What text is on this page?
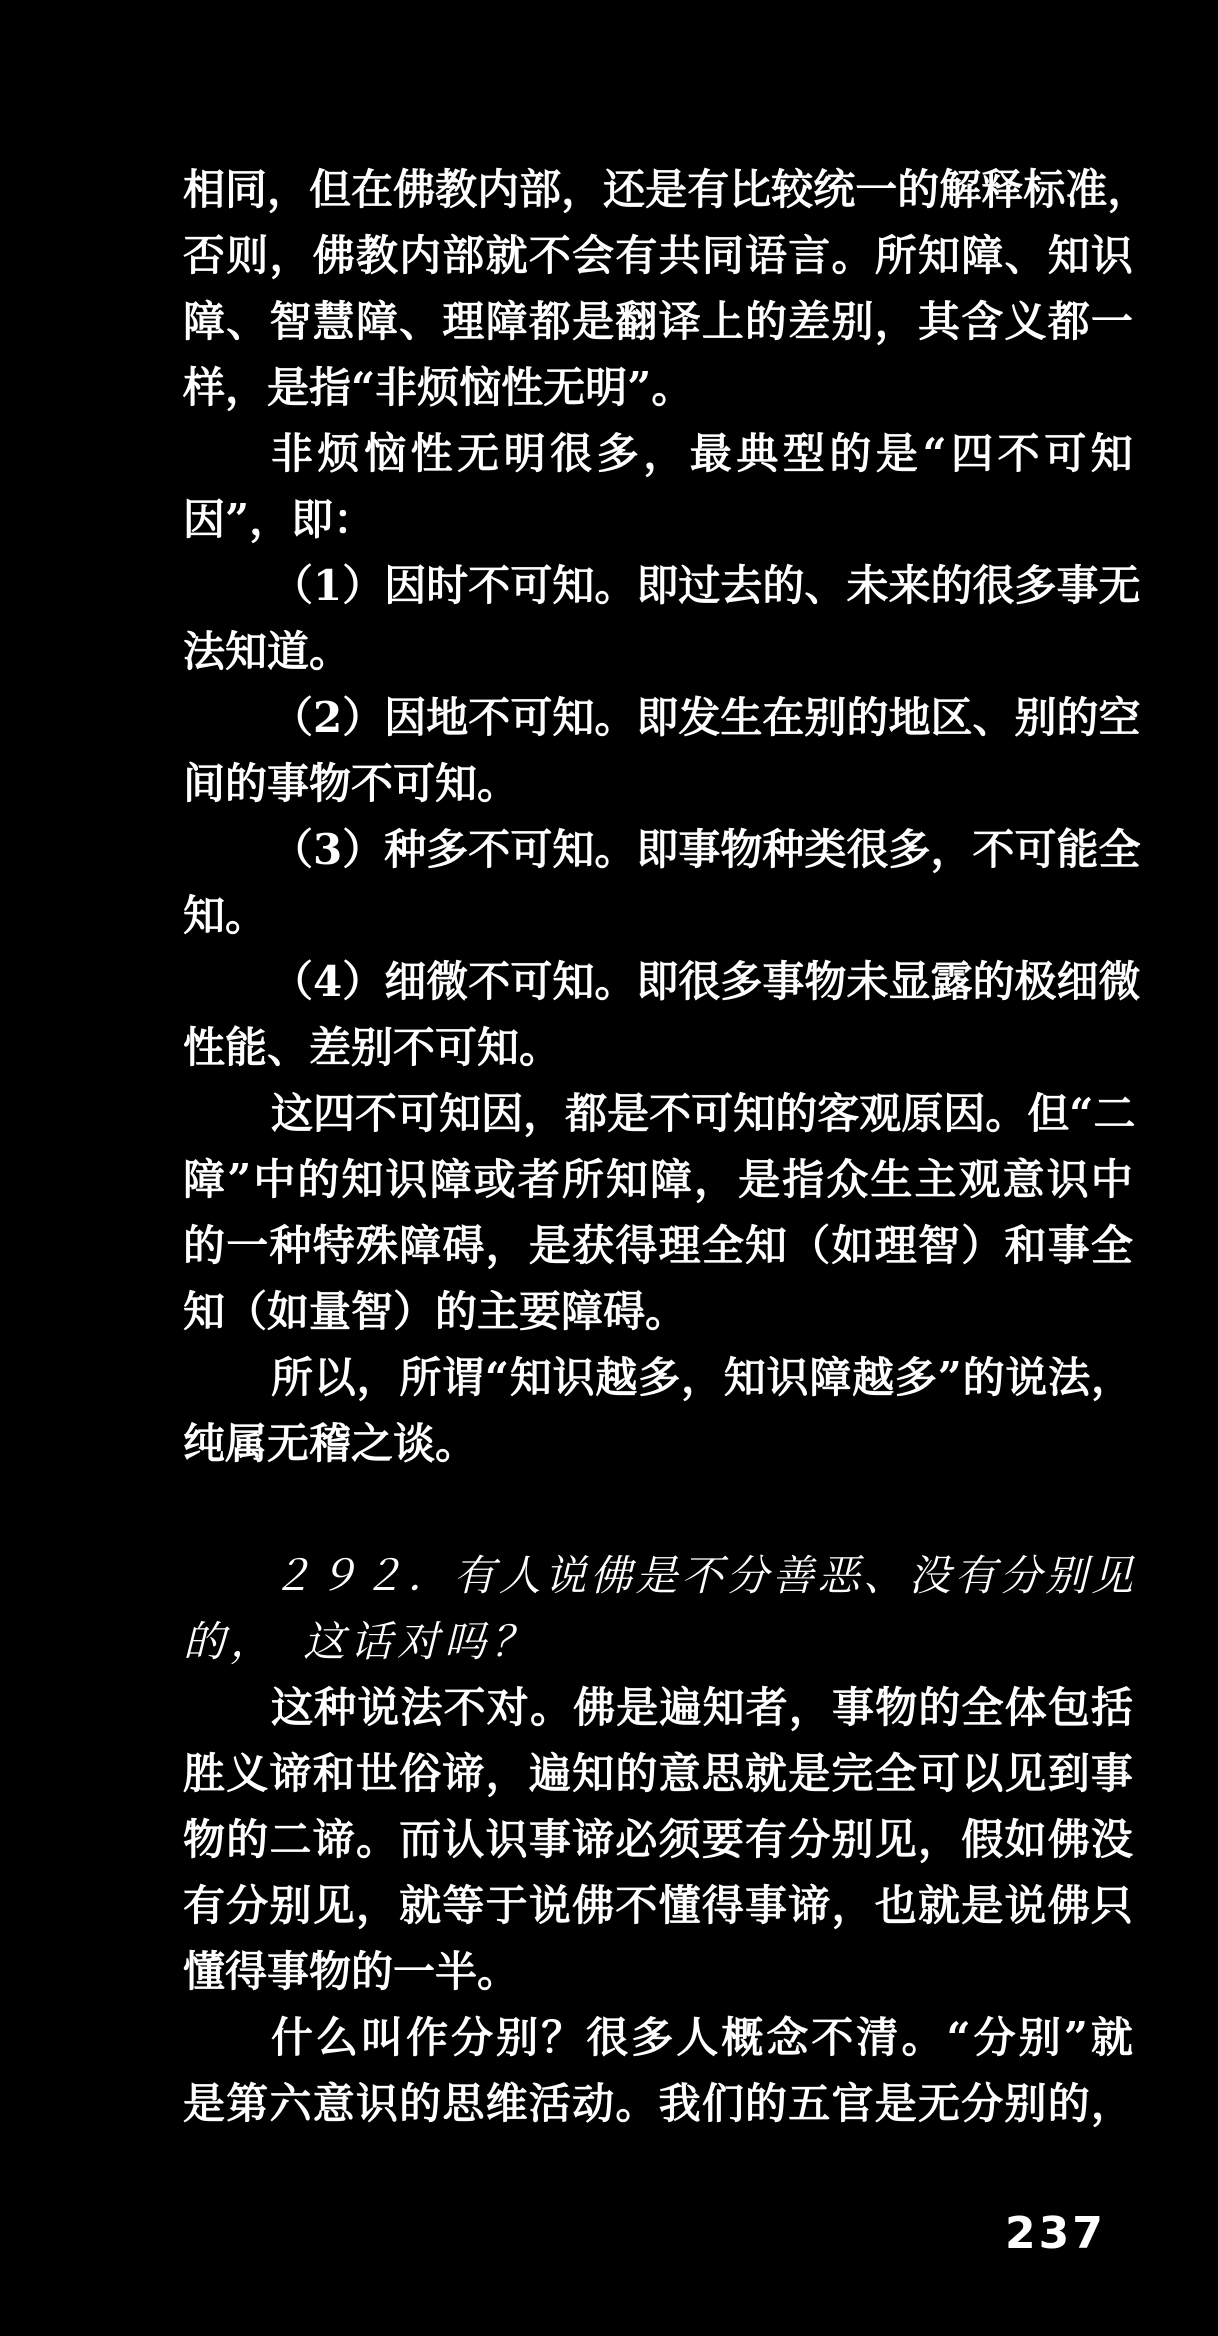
相 同 ， 但 在 佛 教 内 部 ， 还 是 有 比 较 统 一 的 解 释 标 准 ，
否 则 ， 佛 教 内 部 就 不 会 有 共 同 语 言 。 所 知 障 、 知 识
障 、 智 慧 障 、 理 障 都 是 翻 译 上 的 差 别 ， 其 含 义 都 一
样，是指“非烦恼性无明”。
非 烦 恼 性 无 明 很 多 ， 最 典 型 的 是 “ 四 不 可 知
因”，即：
（ 1 ） 因 时 不 可 知 。 即 过 去 的 、 未 来 的 很 多 事 无
法知道。
（ 2 ） 因 地 不 可 知 。 即 发 生 在 别 的 地 区 、 别 的 空
间的事物不可知。
（ 3 ） 种 多 不 可 知 。 即 事 物 种 类 很 多 ， 不 可 能 全
知。
（ 4 ） 细 微 不 可 知 。 即 很 多 事 物 未 显 露 的 极 细 微
性能、差别不可知。
这 四 不 可 知 因 ， 都 是 不 可 知 的 客 观 原 因 。 但 “ 二
障 ” 中 的 知 识 障 或 者 所 知 障 ， 是 指 众 生 主 观 意 识 中
的 一 种 特 殊 障 碍 ， 是 获 得 理 全 知 （ 如 理 智 ） 和 事 全
知（如量智）的主要障碍。
所 以 ， 所 谓 “ 知 识 越 多 ， 知 识 障 越 多 ” 的 说 法 ，
纯属无稽之谈。
２ ９ ２ ． 有 人 说 佛 是 不 分 善 恶 、 没 有 分 别 见
的，　这话对吗？
这 种 说 法 不 对 。 佛 是 遍 知 者 ， 事 物 的 全 体 包 括
胜 义 谛 和 世 俗 谛 ， 遍 知 的 意 思 就 是 完 全 可 以 见 到 事
物 的 二 谛 。 而 认 识 事 谛 必 须 要 有 分 别 见 ， 假 如 佛 没
有 分 别 见 ， 就 等 于 说 佛 不 懂 得 事 谛 ， 也 就 是 说 佛 只
懂得事物的一半。
什 么 叫 作 分 别 ？ 很 多 人 概 念 不 清 。 “ 分 别 ” 就
是 第 六 意 识 的 思 维 活 动 。 我 们 的 五 官 是 无 分 别 的 ，
237
